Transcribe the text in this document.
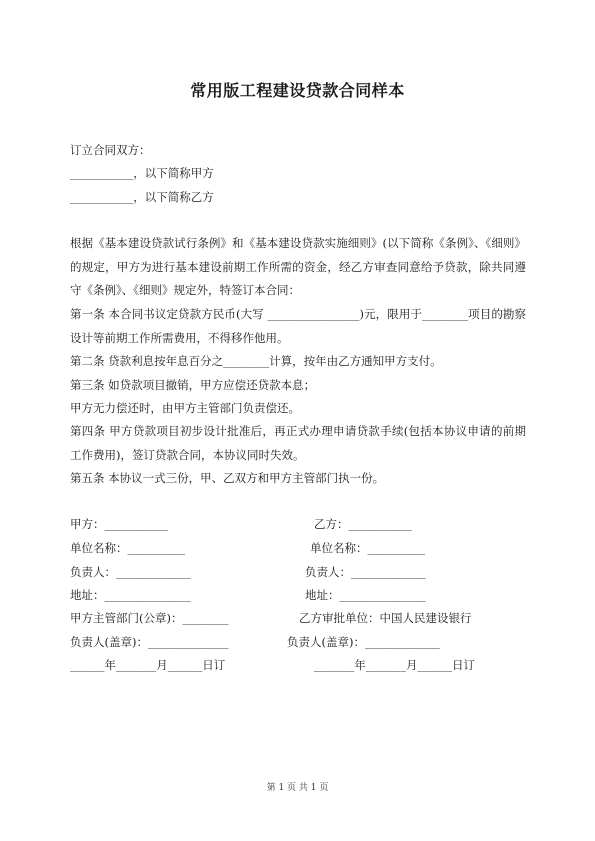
常用版工程建设贷款合同样本
订立合同双方：
___________，以下简称甲方
___________，以下简称乙方
根据《基本建设贷款试行条例》和《基本建设贷款实施细则》(以下简称《条例》、《细则》的规定，甲方为进行基本建设前期工作所需的资金，经乙方审查同意给予贷款，除共同遵守《条例》、《细则》规定外，特签订本合同：
第一条 本合同书议定贷款方民币(大写 ________________)元，限用于________项目的勘察设计等前期工作所需费用，不得移作他用。
第二条 贷款利息按年息百分之________计算，按年由乙方通知甲方支付。
第三条 如贷款项目撤销，甲方应偿还贷款本息；
甲方无力偿还时，由甲方主管部门负责偿还。
第四条 甲方贷款项目初步设计批准后，再正式办理申请贷款手续(包括本协议申请的前期工作费用)，签订贷款合同，本协议同时失效。
第五条 本协议一式三份，甲、乙双方和甲方主管部门执一份。
甲方：___________
单位名称：__________
负责人：_____________
地址：_______________
甲方主管部门(公章)：________
负责人(盖章)：______________
______年_______月______日订
乙方：___________
单位名称：__________
负责人：_____________
地址：_______________
乙方审批单位：中国人民建设银行
负责人(盖章)：_____________
_______年_______月______日订
第 1 页 共 1 页
